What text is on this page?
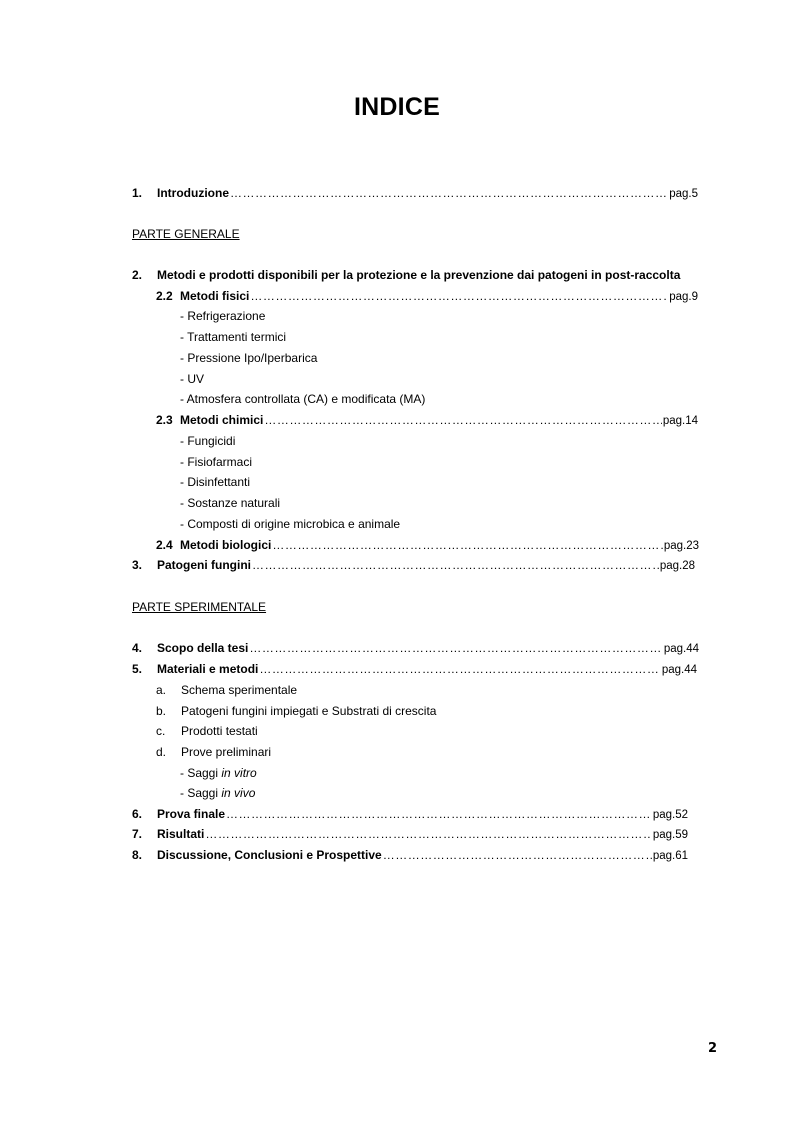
INDICE
1.	Introduzione ………………………………………………………………………………………………………………………………………………………………………………………	pag.5
PARTE GENERALE
2.	Metodi e prodotti disponibili per la protezione e la prevenzione dai patogeni in post-raccolta
2.2 Metodi fisici ………………………………………………………………………………………………………………………………………………………………………………………	pag.9
- Refrigerazione
- Trattamenti termici
- Pressione Ipo/Iperbarica
- UV
- Atmosfera controllata (CA) e modificata (MA)
2.3 Metodi chimici ………………………………………………………………………………………………………………………………………………………………………………………	pag.14
- Fungicidi
- Fisiofarmaci
- Disinfettanti
- Sostanze naturali
- Composti di origine microbica e animale
2.4 Metodi biologici ………………………………………………………………………………………………………………………………………………………………………………………	pag.23
3.	Patogeni fungini ………………………………………………………………………………………………………………………………………………………………………………………	.pag.28
PARTE SPERIMENTALE
4.	Scopo della tesi ………………………………………………………………………………………………………………………………………………………………………………………	pag.44
5.	Materiali e metodi ………………………………………………………………………………………………………………………………………………………………………………………	pag.44
a. Schema sperimentale
b. Patogeni fungini impiegati e Substrati di crescita
c. Prodotti testati
d. Prove preliminari
- Saggi in vitro
- Saggi in vivo
6.	Prova finale ………………………………………………………………………………………………………………………………………………………………………………………	pag.52
7.	Risultati ………………………………………………………………………………………………………………………………………………………………………………………	pag.59
8.	Discussione, Conclusioni e Prospettive ………………………………………………………………………………………………………………………………………………………………………………………	pag.61
2
